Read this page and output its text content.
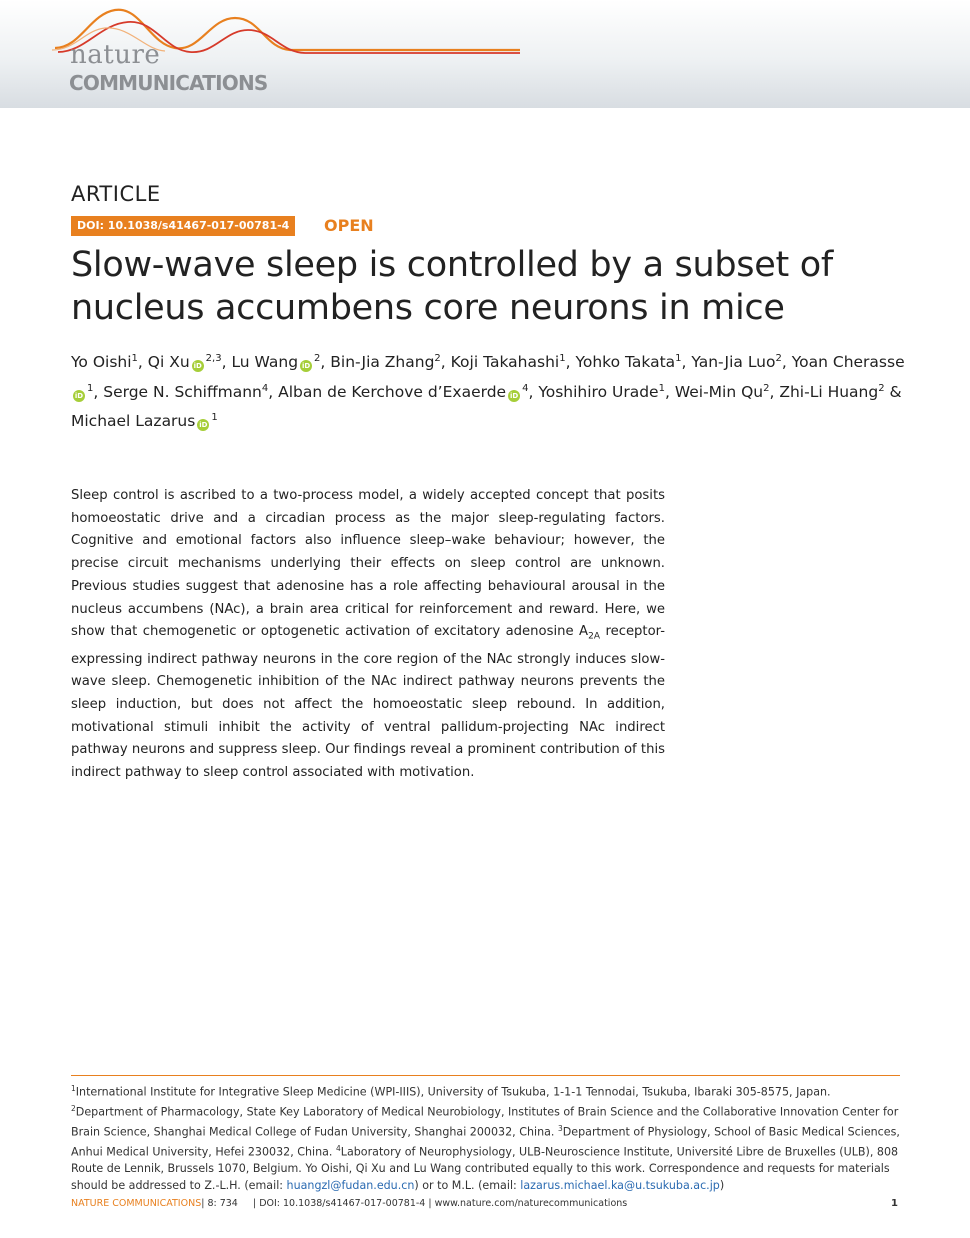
nature
COMMUNICATIONS
ARTICLE
DOI: 10.1038/s41467-017-00781-4	OPEN
Slow-wave sleep is controlled by a subset of nucleus accumbens core neurons in mice
Yo Oishi$^1$, Qi Xu iD$^{2,3}$, Lu Wang $iD^2$, Bin-Jia Zhang$^2$, Koji Takahashi$^1$, Yohko Takata$^1$, Yan-Jia Luo$^2$, Yoan CherasseiD$^1$, Serge N. Schiffmann$^4$, Alban de Kerchove d’Exaerde $iD^4$, Yoshihiro Urade$^1$, Wei-Min Qu$^2$, Zhi-Li Huang$^2$ & Michael Lazarus $iD^1$

Sleep control is ascribed to a two-process model, a widely accepted concept that posits homoeostatic drive and a circadian process as the major sleep-regulating factors. Cognitive and emotional factors also influence sleep–wake behaviour; however, the precise circuit mechanisms underlying their effects on sleep control are unknown. Previous studies suggest that adenosine has a role affecting behavioural arousal in the nucleus accumbens (NAc), a brain area critical for reinforcement and reward. Here, we show that chemogenetic or optogenetic activation of excitatory adenosine $A_{2A}$ receptor-expressing indirect pathway neurons in the core region of the NAc strongly induces slow-wave sleep. Chemogenetic inhibition of the NAc indirect pathway neurons prevents the sleep induction, but does not affect the homoeostatic sleep rebound. In addition, motivational stimuli inhibit the activity of ventral pallidum-projecting NAc indirect pathway neurons and suppress sleep. Our findings reveal a prominent contribution of this indirect pathway to sleep control associated with motivation.

$^1$International Institute for Integrative Sleep Medicine (WPI-IIIS), University of Tsukuba, 1-1-1 Tennodai, Tsukuba, Ibaraki 305-8575, Japan. $^2$Department of Pharmacology, State Key Laboratory of Medical Neurobiology, Institutes of Brain Science and the Collaborative Innovation Center for Brain Science, Shanghai Medical College of Fudan University, Shanghai 200032, China. $^3$Department of Physiology, School of Basic Medical Sciences, Anhui Medical University, Hefei 230032, China. $^4$Laboratory of Neurophysiology, ULB-Neuroscience Institute, Université Libre de Bruxelles (ULB), 808 Route de Lennik, Brussels 1070, Belgium. Yo Oishi, Qi Xu and Lu Wang contributed equally to this work. Correspondence and requests for materials should be addressed to Z.-L.H. (email: huangzl@fudan.edu.cn) or to M.L. (email: lazarus.michael.ka@u.tsukuba.ac.jp)

NATURE COMMUNICATIONS| 8: 734 | DOI: 10.1038/s41467-017-00781-4 | www.nature.com/naturecommunications	1
